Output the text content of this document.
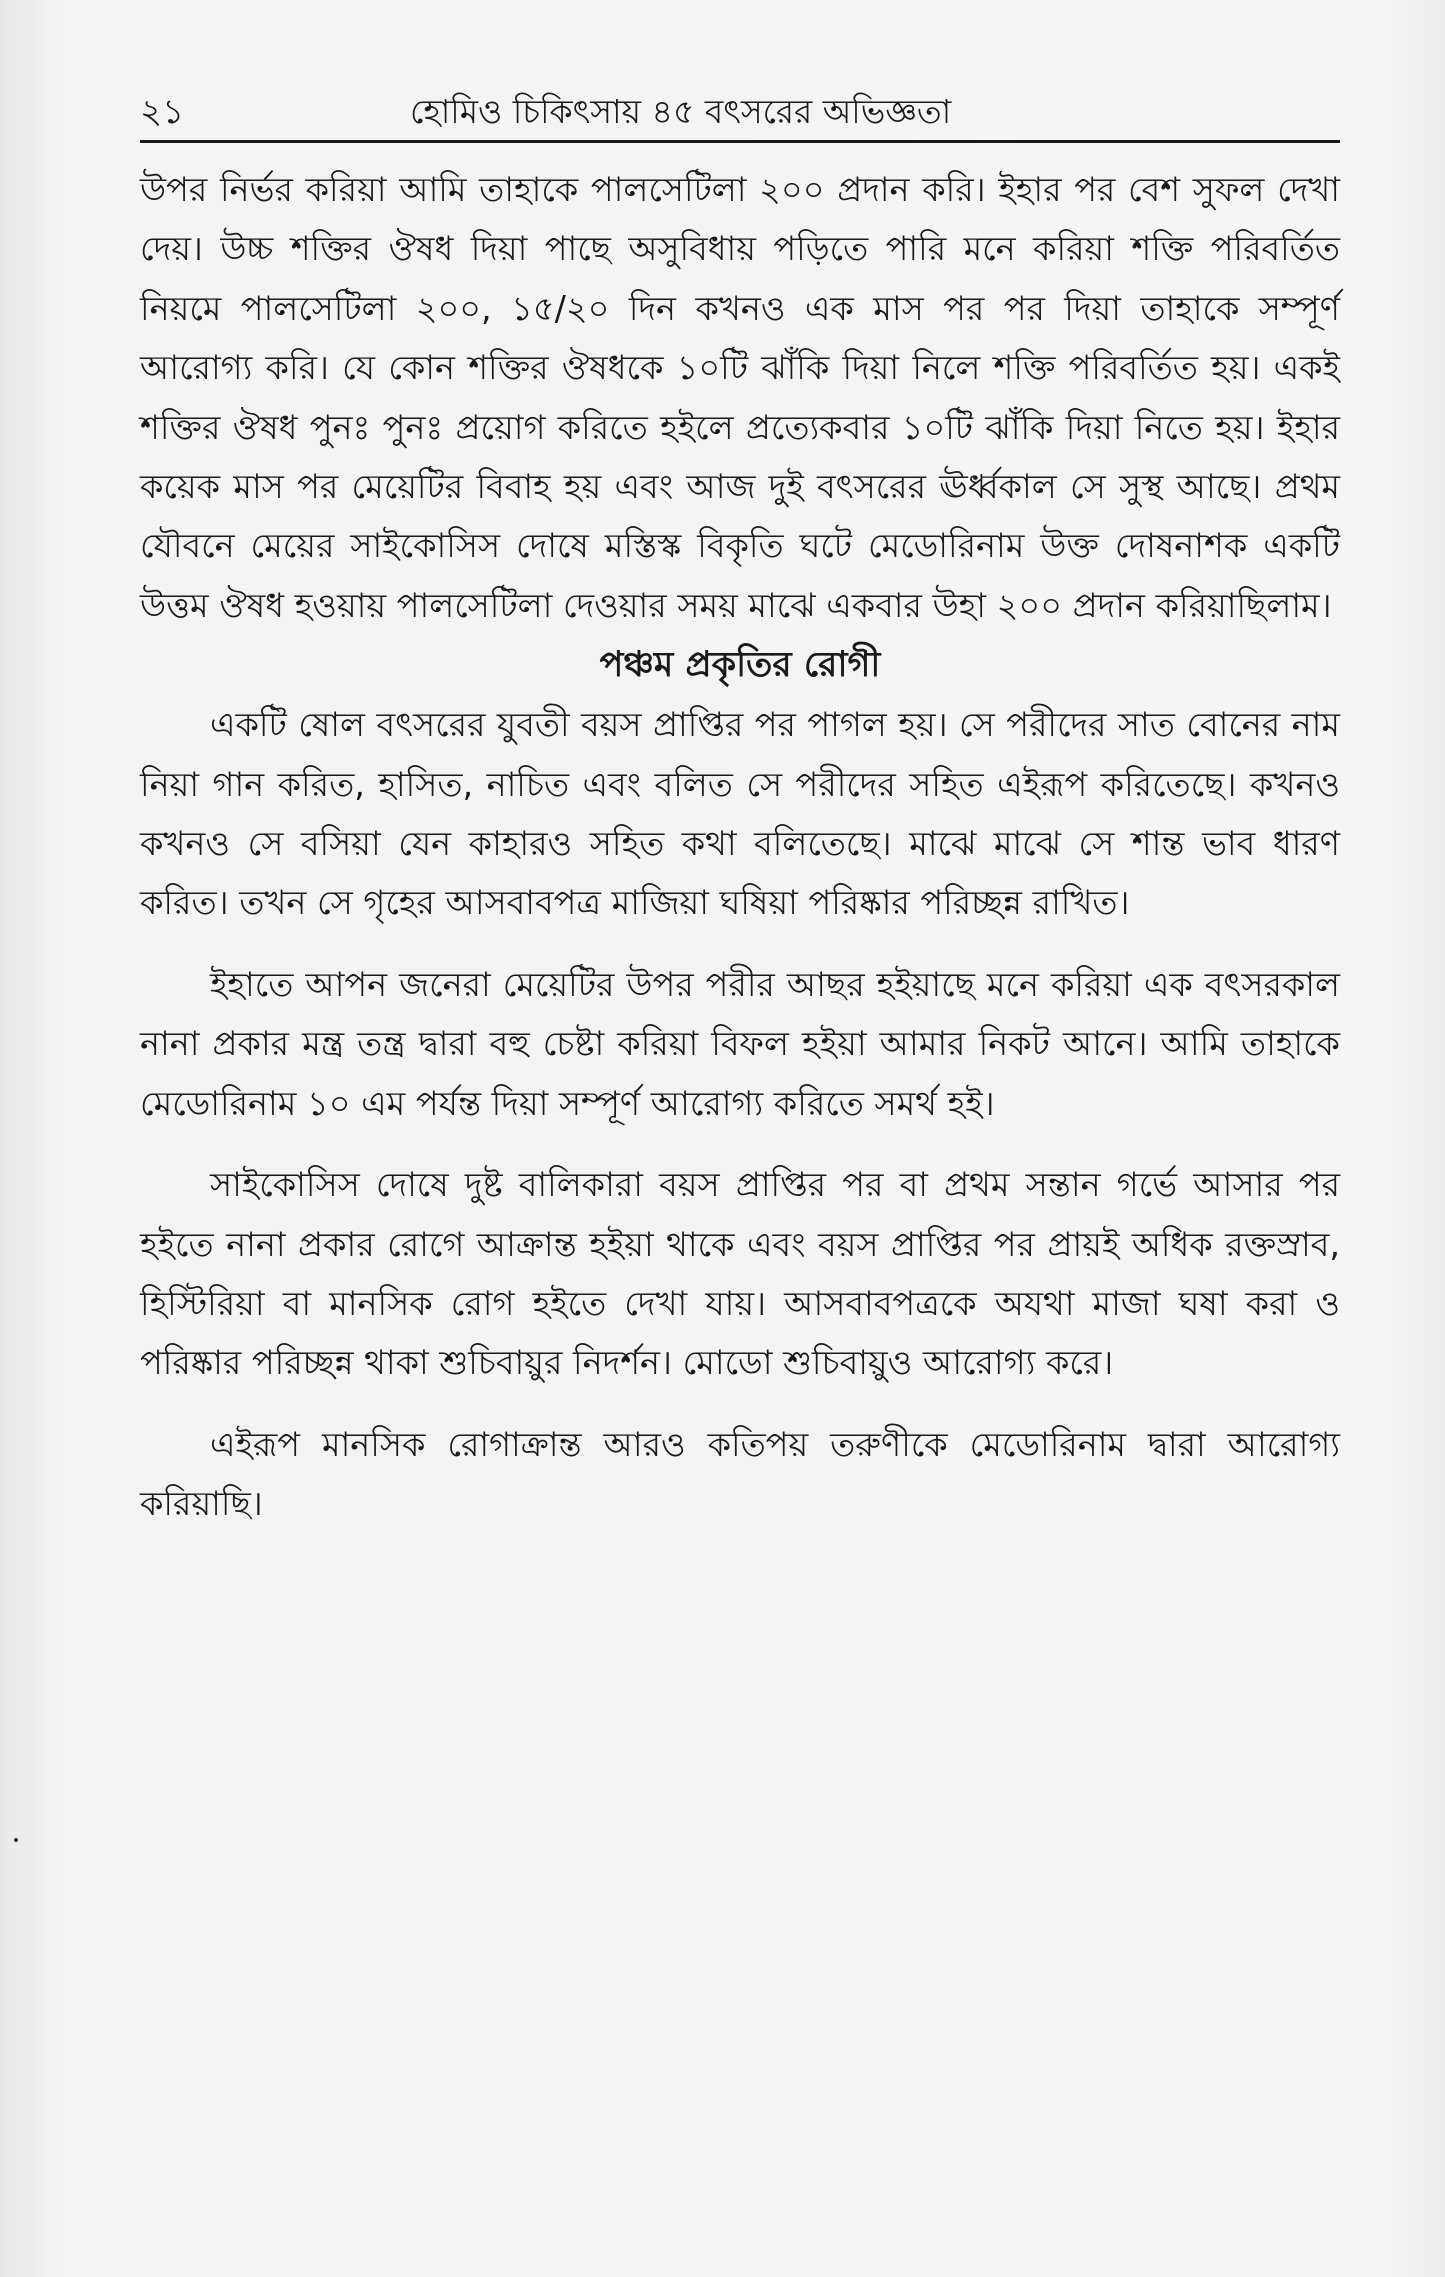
২১	হোমিও চিকিৎসায় ৪৫ বৎসরের অভিজ্ঞতা

উপর নির্ভর করিয়া আমি তাহাকে পালসেটিলা ২০০ প্রদান করি। ইহার পর বেশ সুফল দেখা দেয়। উচ্চ শক্তির ঔষধ দিয়া পাছে অসুবিধায় পড়িতে পারি মনে করিয়া শক্তি পরিবর্তিত নিয়মে পালসেটিলা ২০০, ১৫/২০ দিন কখনও এক মাস পর পর দিয়া তাহাকে সম্পূর্ণ আরোগ্য করি। যে কোন শক্তির ঔষধকে ১০টি ঝাঁকি দিয়া নিলে শক্তি পরিবর্তিত হয়। একই শক্তির ঔষধ পুনঃ পুনঃ প্রয়োগ করিতে হইলে প্রত্যেকবার ১০টি ঝাঁকি দিয়া নিতে হয়। ইহার কয়েক মাস পর মেয়েটির বিবাহ হয় এবং আজ দুই বৎসরের ঊর্ধ্বকাল সে সুস্থ আছে। প্রথম যৌবনে মেয়ের সাইকোসিস দোষে মস্তিস্ক বিকৃতি ঘটে মেডোরিনাম উক্ত দোষনাশক একটি উত্তম ঔষধ হওয়ায় পালসেটিলা দেওয়ার সময় মাঝে একবার উহা ২০০ প্রদান করিয়াছিলাম।

পঞ্চম প্রকৃতির রোগী

একটি ষোল বৎসরের যুবতী বয়স প্রাপ্তির পর পাগল হয়। সে পরীদের সাত বোনের নাম নিয়া গান করিত, হাসিত, নাচিত এবং বলিত সে পরীদের সহিত এইরূপ করিতেছে। কখনও কখনও সে বসিয়া যেন কাহারও সহিত কথা বলিতেছে। মাঝে মাঝে সে শান্ত ভাব ধারণ করিত। তখন সে গৃহের আসবাবপত্র মাজিয়া ঘষিয়া পরিষ্কার পরিচ্ছন্ন রাখিত।

ইহাতে আপন জনেরা মেয়েটির উপর পরীর আছর হইয়াছে মনে করিয়া এক বৎসরকাল নানা প্রকার মন্ত্র তন্ত্র দ্বারা বহু চেষ্টা করিয়া বিফল হইয়া আমার নিকট আনে। আমি তাহাকে মেডোরিনাম ১০ এম পর্যন্ত দিয়া সম্পূর্ণ আরোগ্য করিতে সমর্থ হই।

সাইকোসিস দোষে দুষ্ট বালিকারা বয়স প্রাপ্তির পর বা প্রথম সন্তান গর্ভে আসার পর হইতে নানা প্রকার রোগে আক্রান্ত হইয়া থাকে এবং বয়স প্রাপ্তির পর প্রায়ই অধিক রক্তস্রাব, হিস্টিরিয়া বা মানসিক রোগ হইতে দেখা যায়। আসবাবপত্রকে অযথা মাজা ঘষা করা ও পরিষ্কার পরিচ্ছন্ন থাকা শুচিবায়ুর নিদর্শন। মোডো শুচিবায়ুও আরোগ্য করে।

এইরূপ মানসিক রোগাক্রান্ত আরও কতিপয় তরুণীকে মেডোরিনাম দ্বারা আরোগ্য করিয়াছি।
